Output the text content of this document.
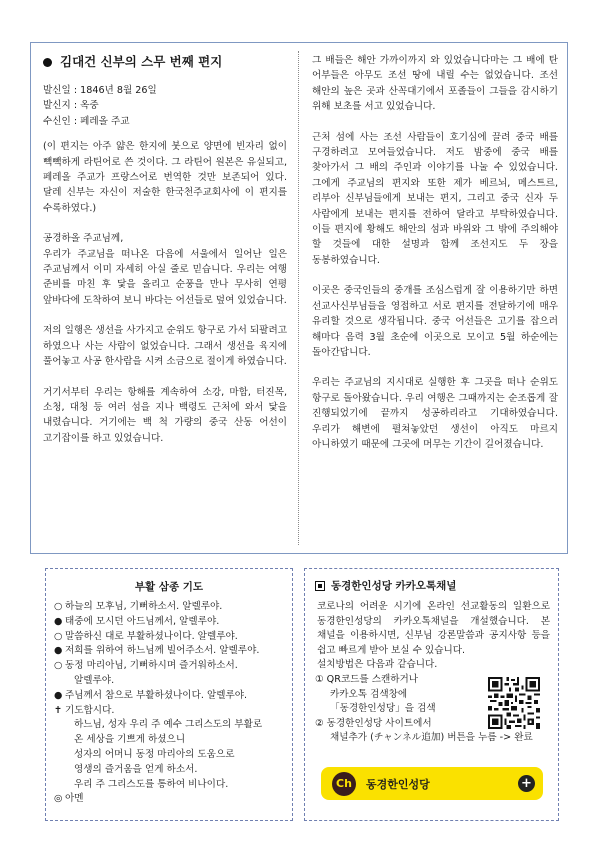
김대건 신부의 스무 번째 편지

발신일 : 1846년 8월 26일

발신지 : 옥중

수신인 : 페레올 주교

(이 편지는 아주 얇은 한지에 붓으로 양면에 빈자리 없이 빽빽하게 라틴어로 쓴 것이다. 그 라틴어 원본은 유실되고, 페레올 주교가 프랑스어로 번역한 것만 보존되어 있다. 달레 신부는 자신이 저술한 한국천주교회사에 이 편지를 수록하였다.)

공경하올 주교님께,
우리가 주교님을 떠나온 다음에 서울에서 일어난 일은 주교님께서 이미 자세히 아실 줄로 믿습니다. 우리는 여행 준비를 마친 후 닻을 올리고 순풍을 만나 무사히 연평 앞바다에 도착하여 보니 바다는 어선들로 덮여 있었습니다.

저의 일행은 생선을 사가지고 순위도 항구로 가서 되팔려고 하였으나 사는 사람이 없었습니다. 그래서 생선을 육지에 풀어놓고 사공 한사람을 시켜 소금으로 절이게 하였습니다.

거기서부터 우리는 항해를 계속하여 소강, 마합, 터진목, 소청, 대청 등 여러 섬을 지나 백령도 근처에 와서 닻을 내렸습니다. 거기에는 백 척 가량의 중국 산동 어선이 고기잡이를 하고 있었습니다.

그 배들은 해안 가까이까지 와 있었습니다마는 그 배에 탄 어부들은 아무도 조선 땅에 내릴 수는 없었습니다. 조선 해안의 높은 곳과 산꼭대기에서 포졸들이 그들을 감시하기 위해 보초를 서고 있었습니다.

근처 섬에 사는 조선 사람들이 호기심에 끌려 중국 배를 구경하려고 모여들었습니다. 저도 밤중에 중국 배를 찾아가서 그 배의 주인과 이야기를 나눌 수 있었습니다. 그에게 주교님의 편지와 또한 제가 베르뇌, 메스트르, 리부아 신부님들에게 보내는 편지, 그리고 중국 신자 두 사람에게 보내는 편지를 전하여 달라고 부탁하였습니다. 이들 편지에 황해도 해안의 섬과 바위와 그 밖에 주의해야 할 것들에 대한 설명과 함께 조선지도 두 장을 동봉하였습니다.

이곳은 중국인들의 중개를 조심스럽게 잘 이용하기만 하면 선교사신부님들을 영접하고 서로 편지를 전달하기에 매우 유리할 것으로 생각됩니다. 중국 어선들은 고기를 잡으러 해마다 음력 3월 초순에 이곳으로 모이고 5월 하순에는 돌아간답니다.

우리는 주교님의 지시대로 실행한 후 그곳을 떠나 순위도 항구로 돌아왔습니다. 우리 여행은 그때까지는 순조롭게 잘 진행되었기에 끝까지 성공하리라고 기대하였습니다. 우리가 해변에 펼쳐놓았던 생선이 아직도 마르지 아니하였기 때문에 그곳에 머무는 기간이 길어졌습니다.

부활 삼종 기도

○ 하늘의 모후님, 기뻐하소서. 알렐루야.

● 태중에 모시던 아드님께서, 알렐루야.

○ 말씀하신 대로 부활하셨나이다. 알렐루야.

● 저희를 위하여 하느님께 빌어주소서. 알렐루야.

○ 동정 마리아님, 기뻐하시며 즐거워하소서.

알렐루야.

● 주님께서 참으로 부활하셨나이다. 알렐루야.

✝ 기도합시다.

하느님, 성자 우리 주 예수 그리스도의 부활로

온 세상을 기쁘게 하셨으니

성자의 어머니 동정 마리아의 도움으로

영생의 즐거움을 얻게 하소서.

우리 주 그리스도를 통하여 비나이다.

◎ 아멘

동경한인성당 카카오톡채널

코로나의 어려운 시기에 온라인 선교활동의 일환으로 동경한인성당의 카카오톡채널을 개설했습니다. 본 채널을 이용하시면, 신부님 강론말씀과 공지사항 등을 쉽고 빠르게 받아 보실 수 있습니다.

설치방법은 다음과 같습니다.

① QR코드를 스캔하거나

카카오톡 검색창에

「동경한인성당」을 검색

② 동경한인성당 사이트에서

채널추가 (チャンネル追加) 버튼을 누름 -> 완료

Ch	동경한인성당	+
